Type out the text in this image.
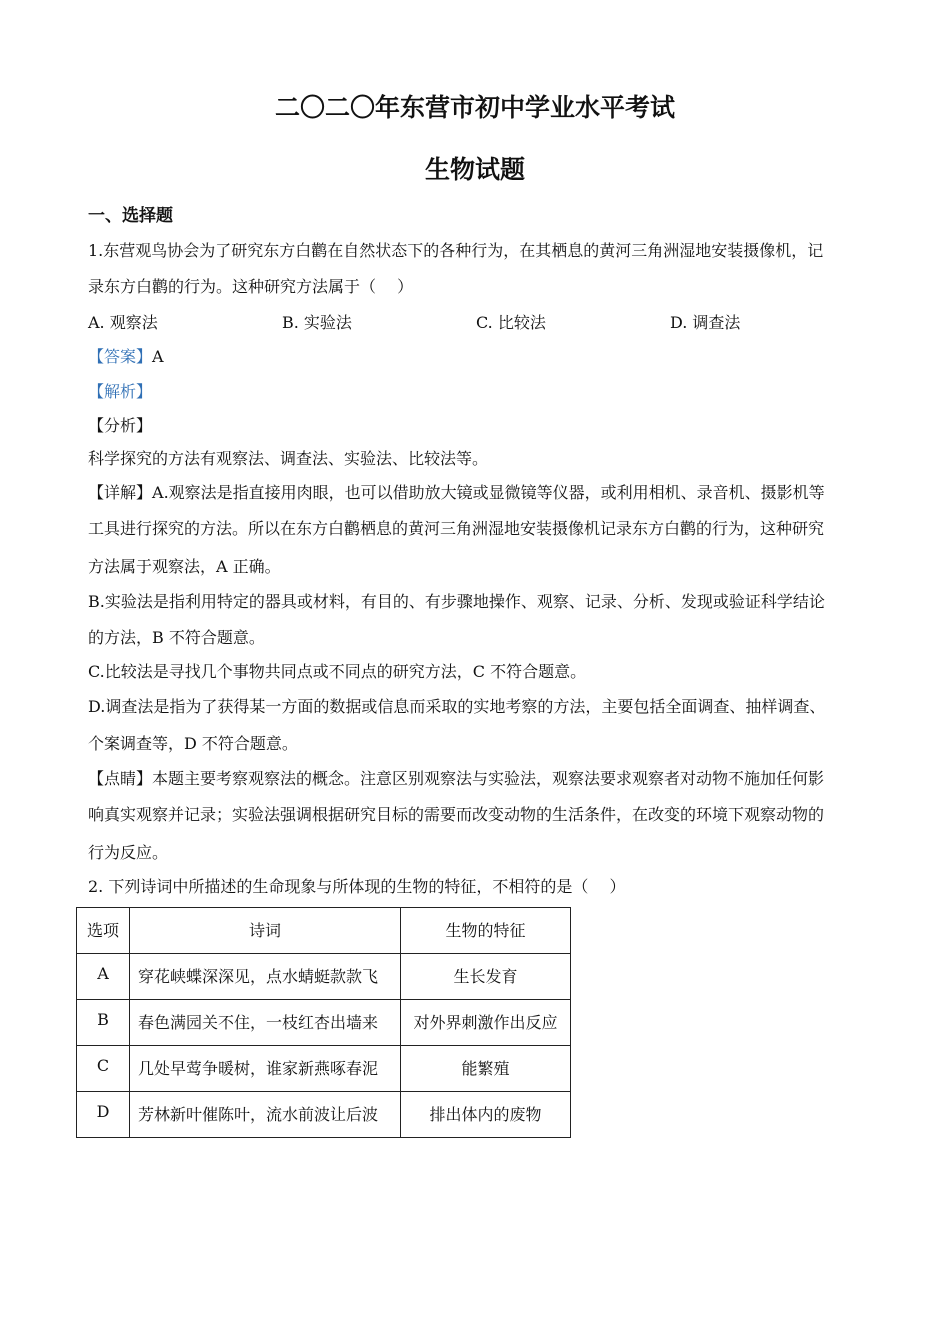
二〇二〇年东营市初中学业水平考试
生物试题
一、选择题
1.东营观鸟协会为了研究东方白鹳在自然状态下的各种行为，在其栖息的黄河三角洲湿地安装摄像机，记
录东方白鹳的行为。这种研究方法属于（　 ）
A. 观察法	B. 实验法	C. 比较法	D. 调查法
【答案】A
【解析】
【分析】
科学探究的方法有观察法、调查法、实验法、比较法等。
【详解】A.观察法是指直接用肉眼，也可以借助放大镜或显微镜等仪器，或利用相机、录音机、摄影机等
工具进行探究的方法。所以在东方白鹳栖息的黄河三角洲湿地安装摄像机记录东方白鹳的行为，这种研究
方法属于观察法，A 正确。
B.实验法是指利用特定的器具或材料，有目的、有步骤地操作、观察、记录、分析、发现或验证科学结论
的方法，B 不符合题意。
C.比较法是寻找几个事物共同点或不同点的研究方法，C 不符合题意。
D.调查法是指为了获得某一方面的数据或信息而采取的实地考察的方法，主要包括全面调查、抽样调查、
个案调查等，D 不符合题意。
【点睛】本题主要考察观察法的概念。注意区别观察法与实验法，观察法要求观察者对动物不施加任何影
响真实观察并记录；实验法强调根据研究目标的需要而改变动物的生活条件，在改变的环境下观察动物的
行为反应。
2. 下列诗词中所描述的生命现象与所体现的生物的特征，不相符的是（　 ）
选项	诗词	生物的特征
A	穿花峡蝶深深见，点水蜻蜓款款飞	生长发育
B	春色满园关不住，一枝红杏出墙来	对外界刺激作出反应
C	几处早莺争暖树，谁家新燕啄春泥	能繁殖
D	芳林新叶催陈叶，流水前波让后波	排出体内的废物
